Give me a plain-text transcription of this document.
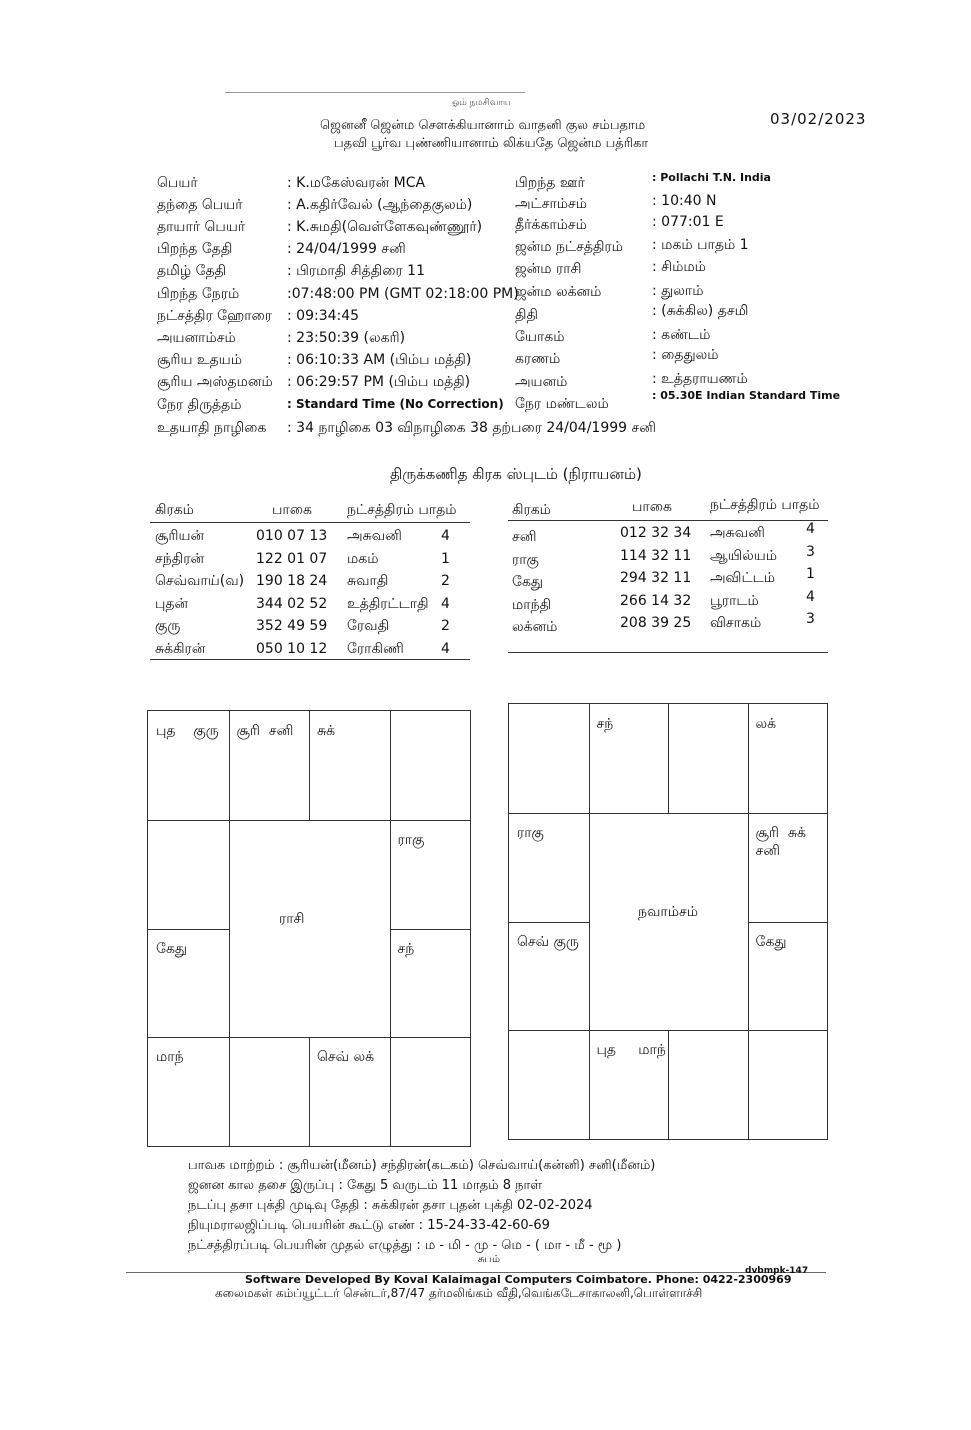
ஓம் நமசிவாய
ஜெனனீ ஜென்ம சௌக்கியானாம் வாதனி குல சம்பதாம
பதவி பூர்வ புண்ணியானாம் லிக்யதே ஜென்ம பத்ரிகா
03/02/2023
பெயர்	: K.மகேஸ்வரன் MCA
தந்தை பெயர்	: A.கதிர்வேல் (ஆந்தைகுலம்)
தாயார் பெயர்	: K.சுமதி(வெள்ளேகவுண்ணூர்)
பிறந்த தேதி	: 24/04/1999 சனி
தமிழ் தேதி	: பிரமாதி சித்திரை 11
பிறந்த நேரம்	:07:48:00 PM (GMT 02:18:00 PM)
நட்சத்திர ஹோரை : 09:34:45
அயனாம்சம்	: 23:50:39 (லகரி)
சூரிய உதயம்	: 06:10:33 AM (பிம்ப மத்தி)
சூரிய அஸ்தமனம் : 06:29:57 PM (பிம்ப மத்தி)
நேர திருத்தம்	: Standard Time (No Correction)
உதயாதி நாழிகை : 34 நாழிகை 03 விநாழிகை 38 தற்பரை 24/04/1999 சனி
பிறந்த ஊர்	: Pollachi T.N. India
அட்சாம்சம்	: 10:40 N
தீர்க்காம்சம்	: 077:01 E
ஜன்ம நட்சத்திரம் : மகம் பாதம் 1
ஜன்ம ராசி	: சிம்மம்
ஜன்ம லக்னம்	: துலாம்
திதி	: (சுக்கில) தசமி
யோகம்	: கண்டம்
கரணம்	: தைதுலம்
அயனம்	: உத்தராயணம்
நேர மண்டலம்
: 05.30E Indian Standard Time
திருக்கணித கிரக ஸ்புடம் (நிராயனம்)
கிரகம்	பாகை	நட்சத்திரம் பாதம்	கிரகம்	பாகை	நட்சத்திரம் பாதம்
சூரியன்	010 07 13 அசுவனி	4
சந்திரன்	122 01 07 மகம்	1
செவ்வாய்(வ) 190 18 24 சுவாதி	2
புதன்	344 02 52 உத்திரட்டாதி 4
குரு	352 49 59 ரேவதி	2
சுக்கிரன்	050 10 12 ரோகிணி	4
சனி	012 32 34 அசுவனி	4
ராகு	114 32 11 ஆயில்யம் 3
கேது	294 32 11 அவிட்டம் 1
மாந்தி	266 14 32 பூராடம்	4
லக்னம்	208 39 25 விசாகம்	3
புத    குரு சூரி  சனி சுக்
ராகு
சந்
செவ் லக்
மாந்
கேது
ராசி
சந்	லக்
சூரி  சுக்
சனி
கேது
புத     மாந்
செவ் குரு
ராகு
நவாம்சம்
பாவக மாற்றம் : சூரியன்(மீனம்) சந்திரன்(கடகம்) செவ்வாய்(கன்னி) சனி(மீனம்)
ஜனன கால தசை இருப்பு : கேது 5 வருடம் 11 மாதம் 8 நாள்
நடப்பு தசா புக்தி முடிவு தேதி : சுக்கிரன் தசா புதன் புக்தி 02-02-2024
நியுமராலஜிப்படி பெயரின் கூட்டு எண் : 15-24-33-42-60-69
நட்சத்திரப்படி பெயரின் முதல் எழுத்து : ம - மி - மு - மெ - ( மா - மீ - மூ )
சுபம்
Software Developed By Koval Kalaimagal Computers Coimbatore. Phone: 0422-2300969
dvbmpk-147
கலைமகள் கம்ப்யூட்டர் சென்டர்,87/47 தர்மலிங்கம் வீதி,வெங்கடேசாகாலனி,பொள்ளாச்சி
